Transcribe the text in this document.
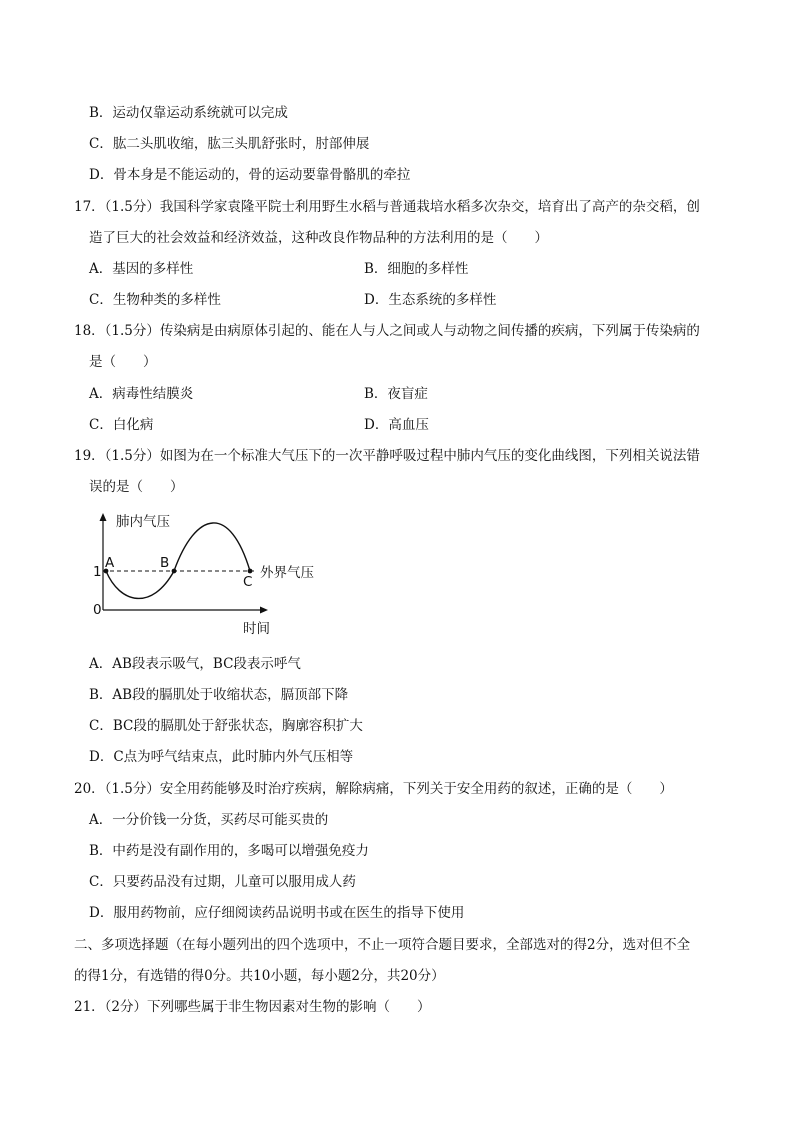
B．运动仅靠运动系统就可以完成
C．肱二头肌收缩，肱三头肌舒张时，肘部伸展
D．骨本身是不能运动的，骨的运动要靠骨骼肌的牵拉
17．（1.5分）我国科学家袁隆平院士利用野生水稻与普通栽培水稻多次杂交，培育出了高产的杂交稻，创
造了巨大的社会效益和经济效益，这种改良作物品种的方法利用的是（　　）
A．基因的多样性	B．细胞的多样性
C．生物种类的多样性	D．生态系统的多样性
18．（1.5分）传染病是由病原体引起的、能在人与人之间或人与动物之间传播的疾病，下列属于传染病的
是（　　）
A．病毒性结膜炎	B．夜盲症
C．白化病	D．高血压
19．（1.5分）如图为在一个标准大气压下的一次平静呼吸过程中肺内气压的变化曲线图，下列相关说法错
误的是（　　）
肺内气压
时间
外界气压
1
0
A	B
C
A．AB段表示吸气，BC段表示呼气
B．AB段的膈肌处于收缩状态，膈顶部下降
C．BC段的膈肌处于舒张状态，胸廓容积扩大
D．C点为呼气结束点，此时肺内外气压相等
20．（1.5分）安全用药能够及时治疗疾病，解除病痛，下列关于安全用药的叙述，正确的是（　　）
A．一分价钱一分货，买药尽可能买贵的
B．中药是没有副作用的，多喝可以增强免疫力
C．只要药品没有过期，儿童可以服用成人药
D．服用药物前，应仔细阅读药品说明书或在医生的指导下使用
二、多项选择题（在每小题列出的四个选项中，不止一项符合题目要求，全部选对的得2分，选对但不全
的得1分，有选错的得0分。共10小题，每小题2分，共20分）
21．（2分）下列哪些属于非生物因素对生物的影响（　　）
